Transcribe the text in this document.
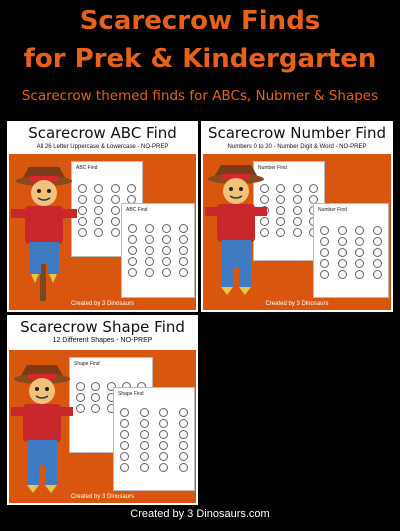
Scarecrow Finds
for Prek & Kindergarten
Scarecrow themed finds for ABCs, Nubmer & Shapes
Scarecrow ABC Find
All 26 Letter Uppercase & Lowercase - NO-PREP
ABC Find
ABC Find
Created by 3 Dinosaurs
Scarecrow Number Find
Numbers 0 to 20 - Number Digit & Word - NO-PREP
Number Find
Number Find
Created by 3 Dinosaurs
Scarecrow Shape Find
12 Different Shapes - NO-PREP
Shape Find
Shape Find
Created by 3 Dinosaurs
Created by 3 Dinosaurs.com
